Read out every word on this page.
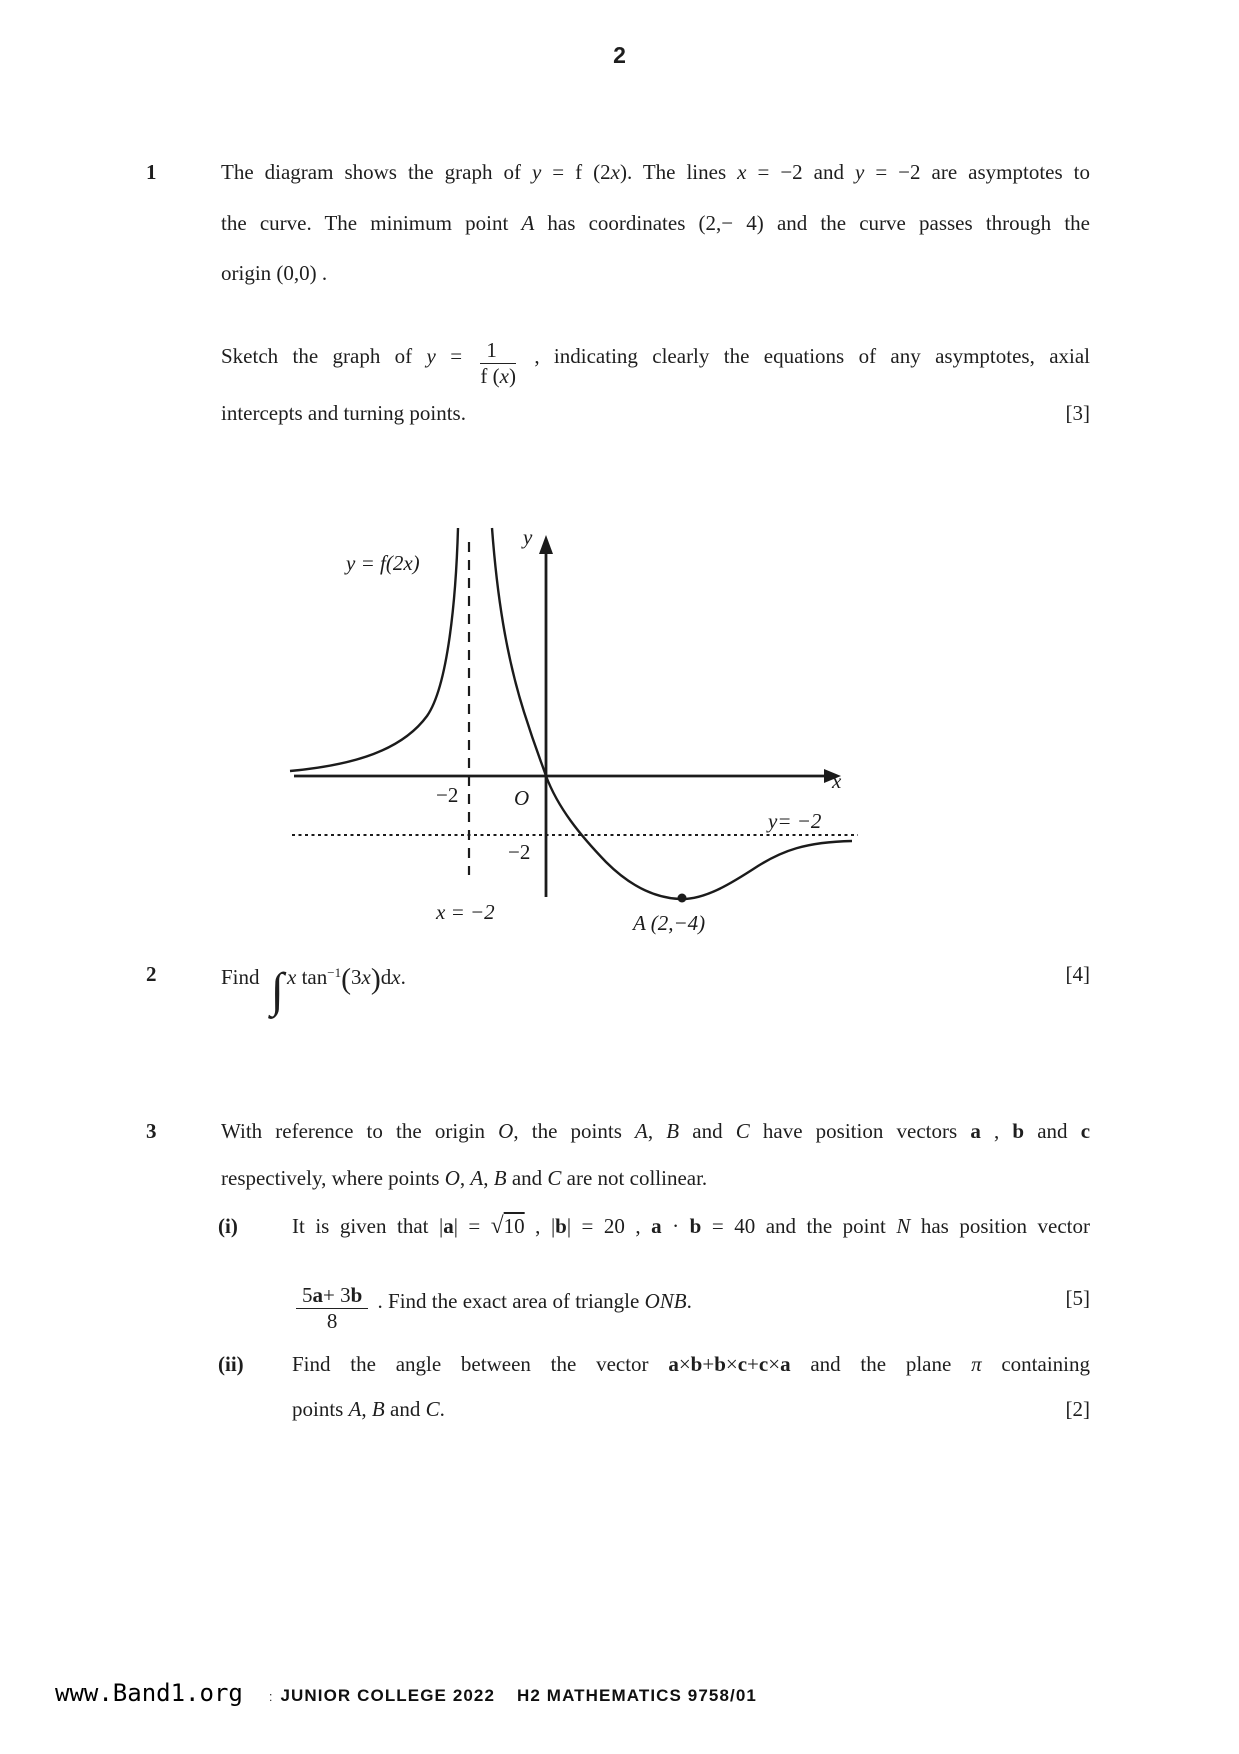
2
1	The diagram shows the graph of y = f (2x). The lines x = −2 and y = −2 are asymptotes to
the curve. The minimum point A has coordinates (2,− 4) and the curve passes through the
origin (0,0) .
Sketch the graph of $y = \frac{1}{f (x)}$ , indicating clearly the equations of any asymptotes, axial
intercepts and turning points.	[3]
y = f(2x)
y
x
−2	O
−2
y= −2
x = −2	A (2,−4)
2	Find ∫ x $\tan^{-1}(3x)dx$.	[4]
3	With reference to the origin O, the points A, B and C have position vectors a , b and c
respectively, where points O, A, B and C are not collinear.
(i)	It is given that |a| = √10 , |b| = 20 , a · b = 40 and the point N has position vector
$\frac{5a+ 3b}{8}$ . Find the exact area of triangle ONB.	[5]
(ii) Find the angle between the vector a×b+b×c+c×a and the plane π containing
points A, B and C.	[2]
www.Band1.org : JUNIOR COLLEGE 2022 H2 MATHEMATICS 9758/01
